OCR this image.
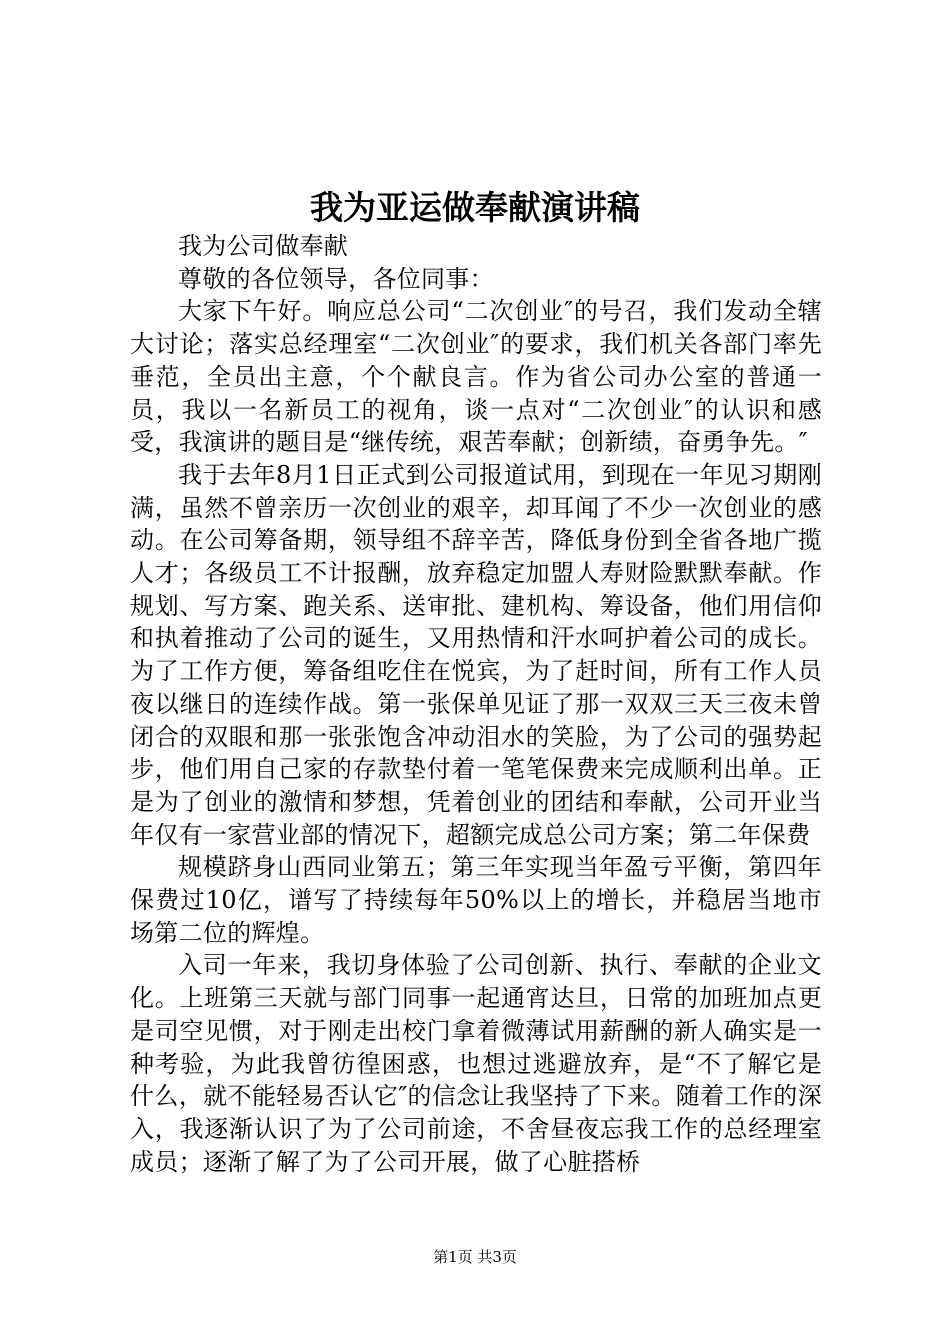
我为亚运做奉献演讲稿

我为公司做奉献

尊敬的各位领导，各位同事：

大家下午好。响应总公司“二次创业″的号召，我们发动全辖大讨论；落实总经理室“二次创业″的要求，我们机关各部门率先垂范，全员出主意，个个献良言。作为省公司办公室的普通一员，我以一名新员工的视角，谈一点对“二次创业″的认识和感受，我演讲的题目是“继传统，艰苦奉献；创新绩，奋勇争先。″

我于去年8月1日正式到公司报道试用，到现在一年见习期刚满，虽然不曾亲历一次创业的艰辛，却耳闻了不少一次创业的感动。在公司筹备期，领导组不辞辛苦，降低身份到全省各地广揽人才；各级员工不计报酬，放弃稳定加盟人寿财险默默奉献。作规划、写方案、跑关系、送审批、建机构、筹设备，他们用信仰和执着推动了公司的诞生，又用热情和汗水呵护着公司的成长。为了工作方便，筹备组吃住在悦宾，为了赶时间，所有工作人员夜以继日的连续作战。第一张保单见证了那一双双三天三夜未曾闭合的双眼和那一张张饱含冲动泪水的笑脸，为了公司的强势起步，他们用自己家的存款垫付着一笔笔保费来完成顺利出单。正是为了创业的激情和梦想，凭着创业的团结和奉献，公司开业当年仅有一家营业部的情况下，超额完成总公司方案；第二年保费

规模跻身山西同业第五；第三年实现当年盈亏平衡，第四年保费过10亿，谱写了持续每年50%以上的增长，并稳居当地市场第二位的辉煌。

入司一年来，我切身体验了公司创新、执行、奉献的企业文化。上班第三天就与部门同事一起通宵达旦，日常的加班加点更是司空见惯，对于刚走出校门拿着微薄试用薪酬的新人确实是一种考验，为此我曾彷徨困惑，也想过逃避放弃，是“不了解它是什么，就不能轻易否认它″的信念让我坚持了下来。随着工作的深入，我逐渐认识了为了公司前途，不舍昼夜忘我工作的总经理室成员；逐渐了解了为了公司开展，做了心脏搭桥

第1页 共3页
